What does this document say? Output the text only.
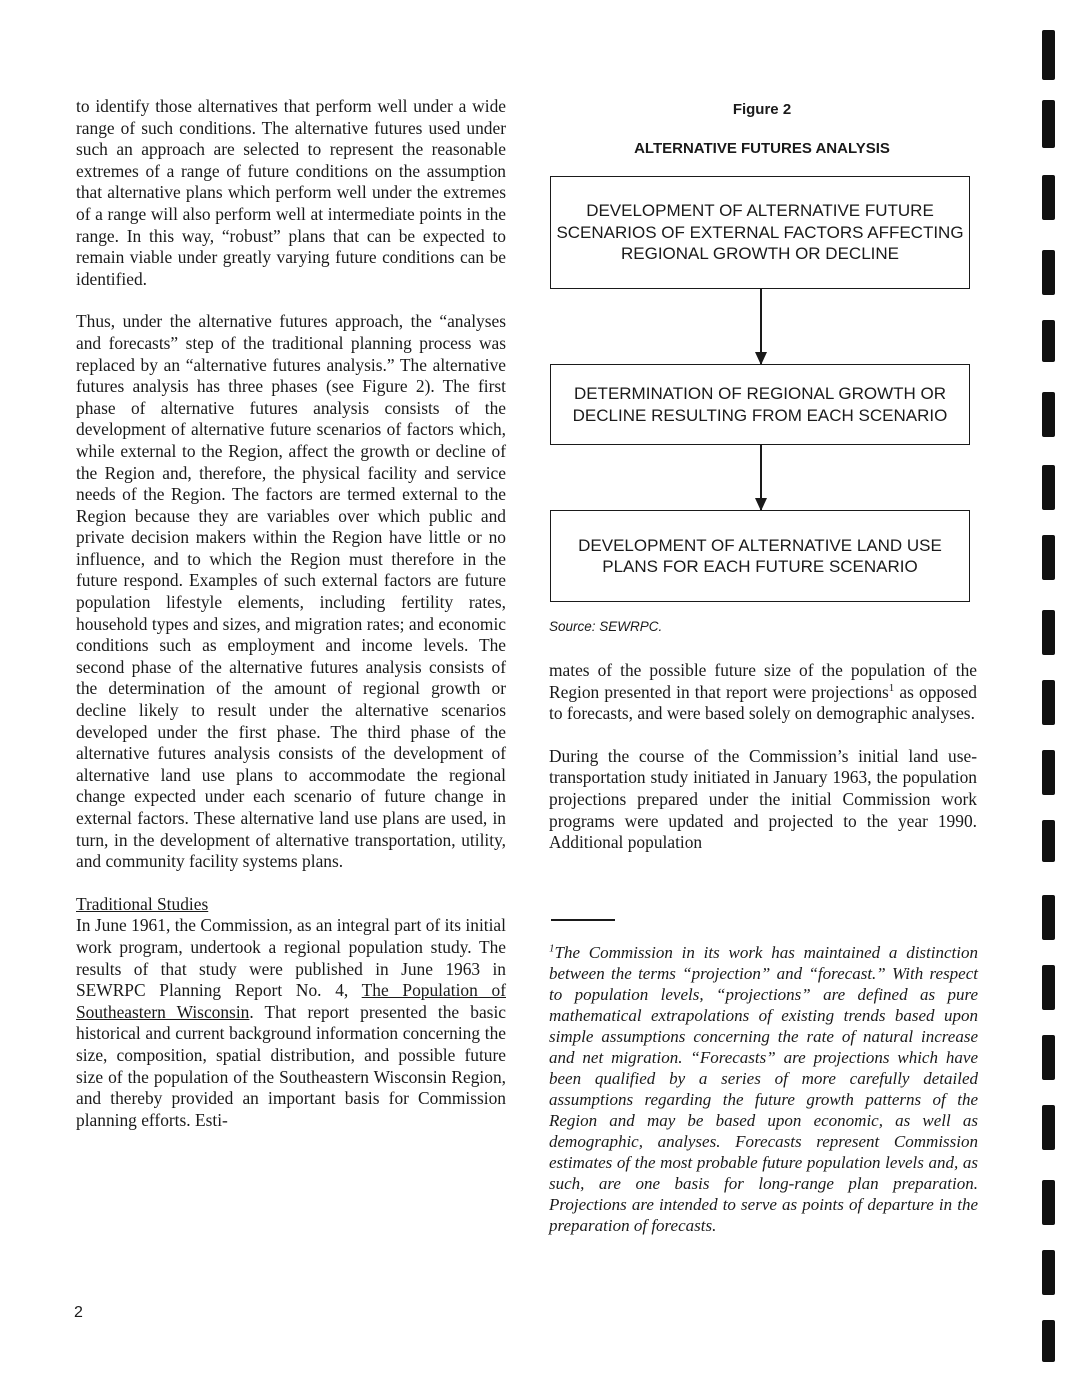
to identify those alternatives that perform well under a wide range of such conditions. The alternative futures used under such an approach are selected to represent the reasonable extremes of a range of future conditions on the assumption that alternative plans which perform well under the extremes of a range will also perform well at intermediate points in the range. In this way, “robust” plans that can be expected to remain viable under greatly varying future conditions can be identified.

Thus, under the alternative futures approach, the “analyses and forecasts” step of the traditional planning process was replaced by an “alternative futures analysis.” The alternative futures analysis has three phases (see Figure 2). The first phase of alternative futures analysis consists of the development of alternative future scenarios of factors which, while external to the Region, affect the growth or decline of the Region and, therefore, the physical facility and service needs of the Region. The factors are termed external to the Region because they are variables over which public and private decision makers within the Region have little or no influence, and to which the Region must therefore in the future respond. Examples of such external factors are future population lifestyle elements, including fertility rates, household types and sizes, and migration rates; and economic conditions such as employment and income levels. The second phase of the alternative futures analysis consists of the determination of the amount of regional growth or decline likely to result under the alternative scenarios developed under the first phase. The third phase of the alternative futures analysis consists of the development of alternative land use plans to accommodate the regional change expected under each scenario of future change in external factors. These alternative land use plans are used, in turn, in the development of alternative transportation, utility, and community facility systems plans.

Traditional Studies

In June 1961, the Commission, as an integral part of its initial work program, undertook a regional population study. The results of that study were published in June 1963 in SEWRPC Planning Report No. 4, The Population of Southeastern Wisconsin. That report presented the basic historical and current background information concerning the size, composition, spatial distribution, and possible future size of the population of the Southeastern Wisconsin Region, and thereby provided an important basis for Commission planning efforts. Esti-

Figure 2
ALTERNATIVE FUTURES ANALYSIS
DEVELOPMENT OF ALTERNATIVE FUTURE SCENARIOS OF EXTERNAL FACTORS AFFECTING REGIONAL GROWTH OR DECLINE
DETERMINATION OF REGIONAL GROWTH OR DECLINE RESULTING FROM EACH SCENARIO
DEVELOPMENT OF ALTERNATIVE LAND USE PLANS FOR EACH FUTURE SCENARIO
Source: SEWRPC.

mates of the possible future size of the population of the Region presented in that report were projections$^1$ as opposed to forecasts, and were based solely on demographic analyses.

During the course of the Commission’s initial land use-transportation study initiated in January 1963, the population projections prepared under the initial Commission work programs were updated and projected to the year 1990. Additional population

$^1$The Commission in its work has maintained a distinction between the terms “projection” and “forecast.” With respect to population levels, “projections” are defined as pure mathematical extrapolations of existing trends based upon simple assumptions concerning the rate of natural increase and net migration. “Forecasts” are projections which have been qualified by a series of more carefully detailed assumptions regarding the future growth patterns of the Region and may be based upon economic, as well as demographic, analyses. Forecasts represent Commission estimates of the most probable future population levels and, as such, are one basis for long-range plan preparation. Projections are intended to serve as points of departure in the preparation of forecasts.

2
